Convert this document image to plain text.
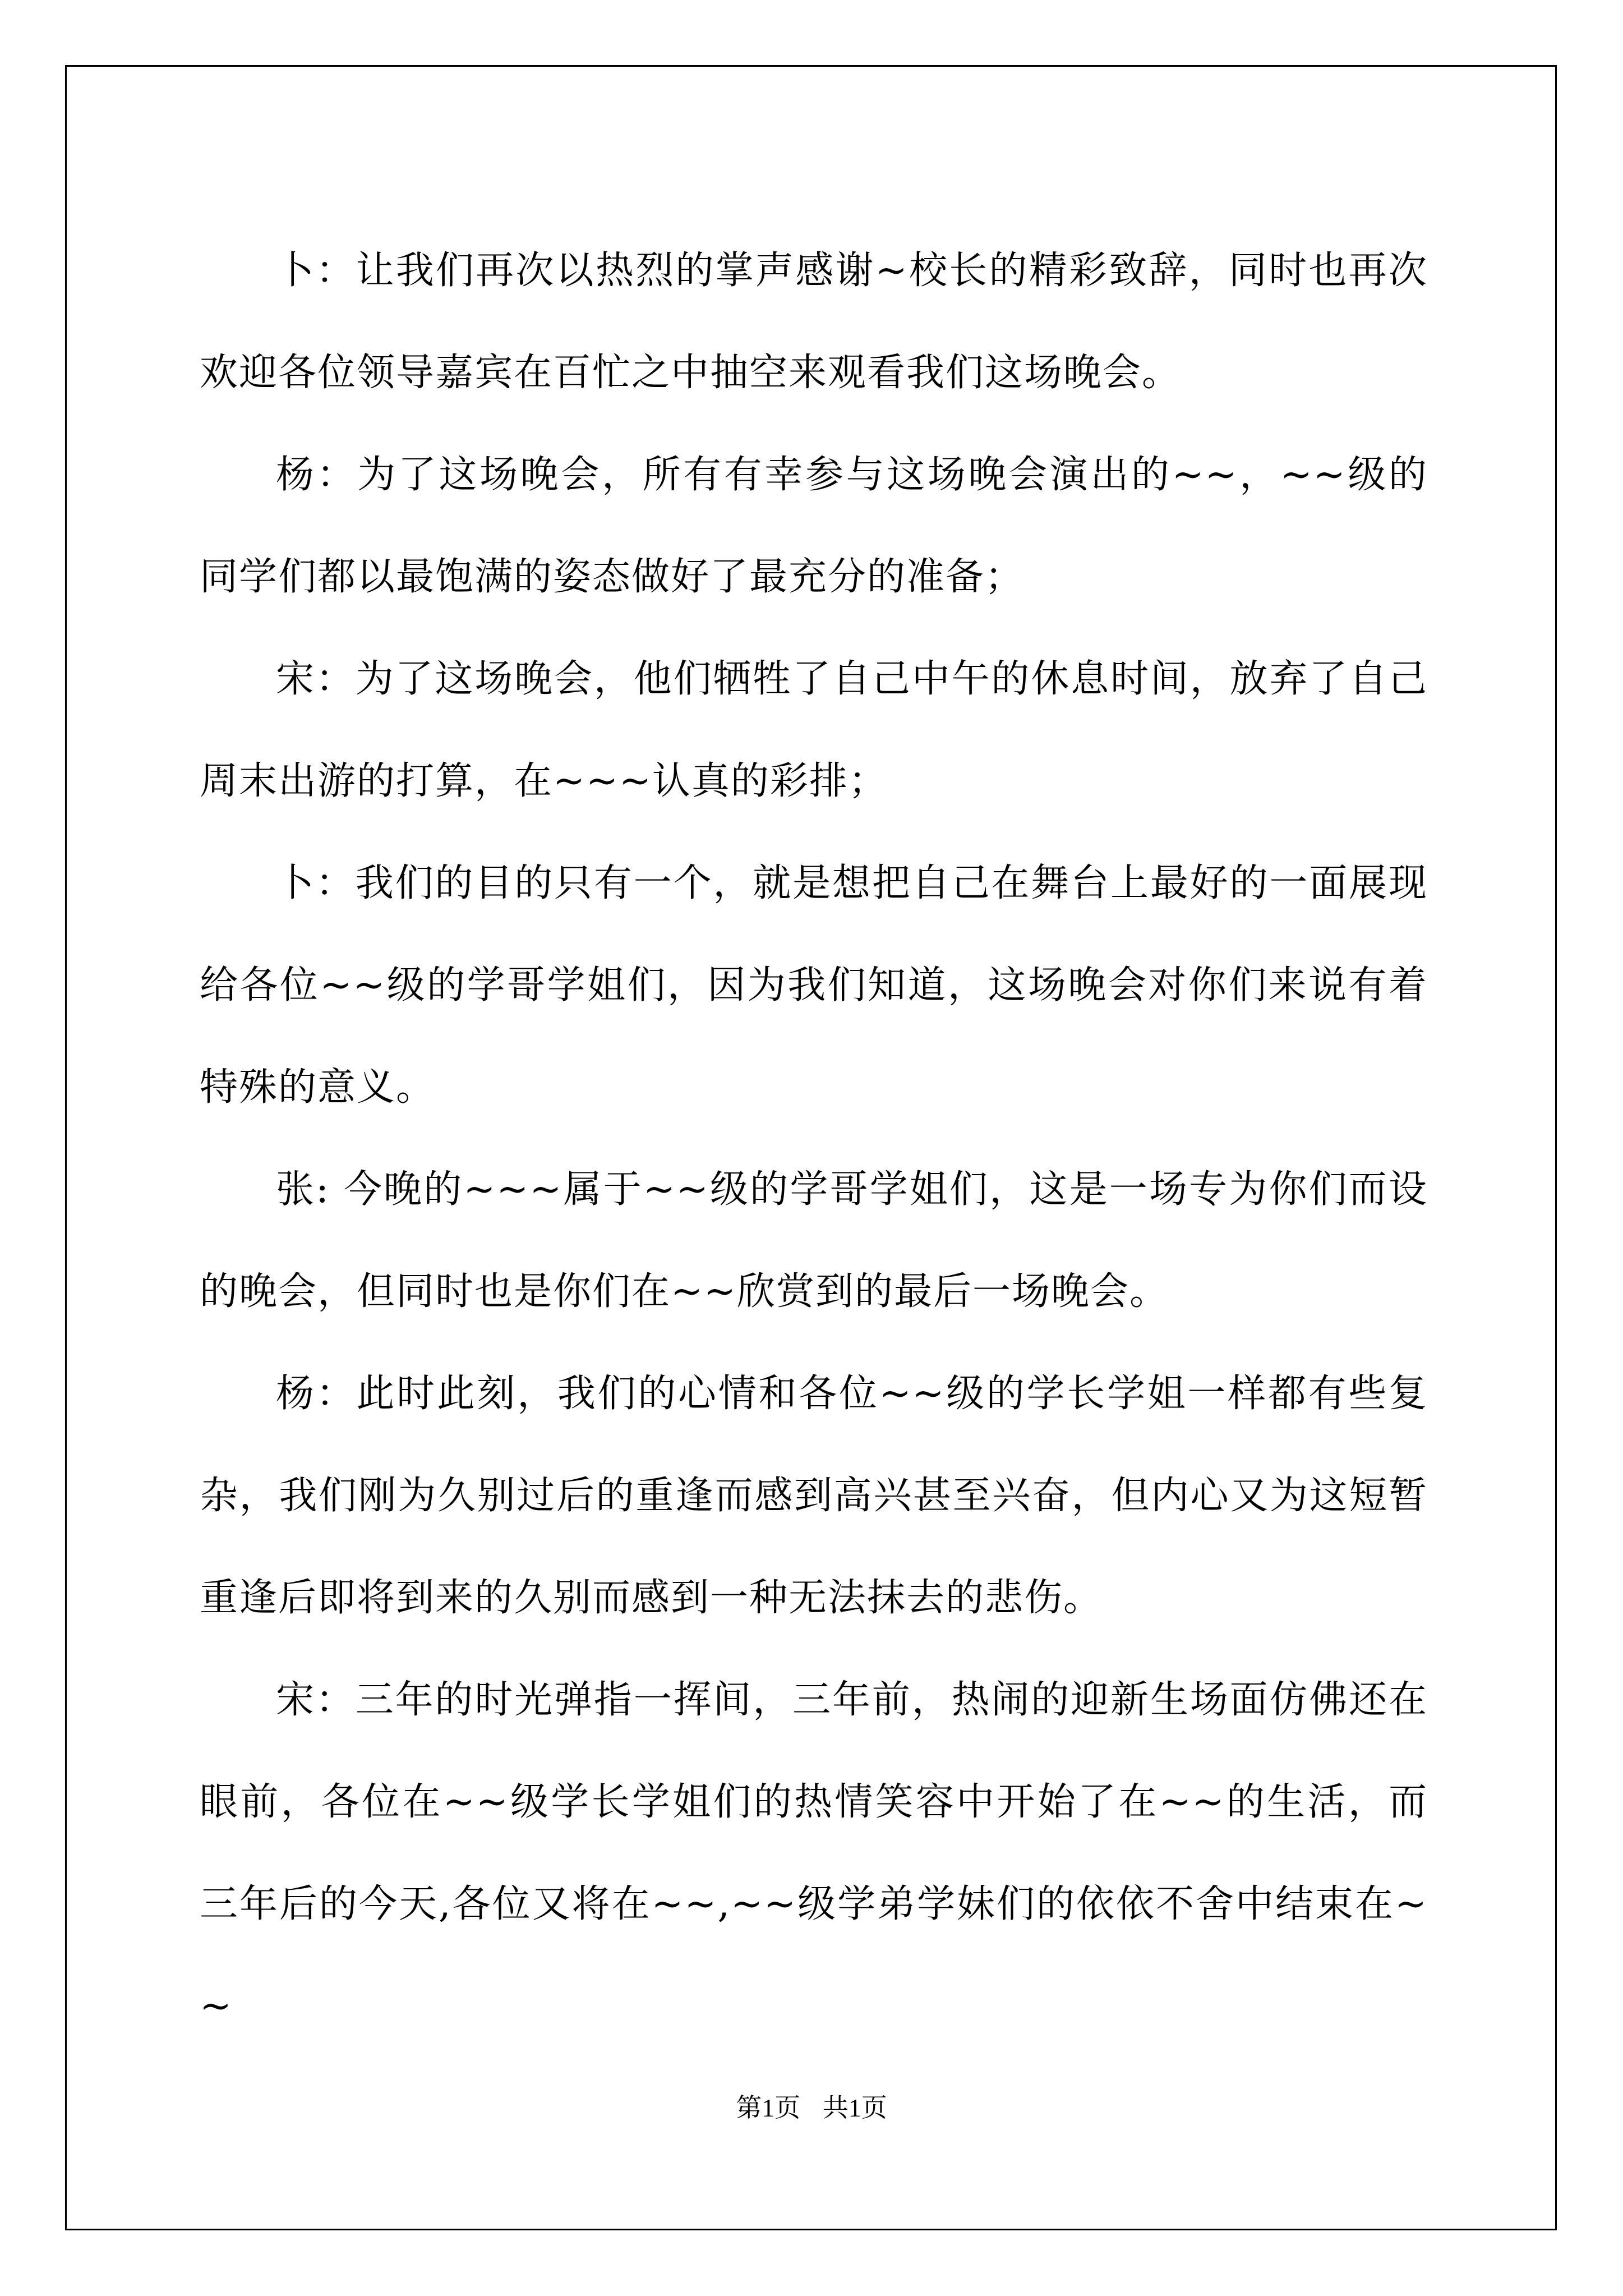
卜：让我们再次以热烈的掌声感谢~校长的精彩致辞，同时也再次欢迎各位领导嘉宾在百忙之中抽空来观看我们这场晚会。

杨：为了这场晚会，所有有幸参与这场晚会演出的~~，~~级的同学们都以最饱满的姿态做好了最充分的准备；

宋：为了这场晚会，他们牺牲了自己中午的休息时间，放弃了自己周末出游的打算，在~~~认真的彩排；

卜：我们的目的只有一个，就是想把自己在舞台上最好的一面展现给各位~~级的学哥学姐们，因为我们知道，这场晚会对你们来说有着特殊的意义。

张: 今晚的~~~属于~~级的学哥学姐们，这是一场专为你们而设的晚会，但同时也是你们在~~欣赏到的最后一场晚会。

杨：此时此刻，我们的心情和各位~~级的学长学姐一样都有些复杂，我们刚为久别过后的重逢而感到高兴甚至兴奋，但内心又为这短暂重逢后即将到来的久别而感到一种无法抹去的悲伤。

宋：三年的时光弹指一挥间，三年前，热闹的迎新生场面仿佛还在眼前，各位在~~级学长学姐们的热情笑容中开始了在~~的生活，而三年后的今天,各位又将在~~,~~级学弟学妹们的依依不舍中结束在~~

第1页 共1页
